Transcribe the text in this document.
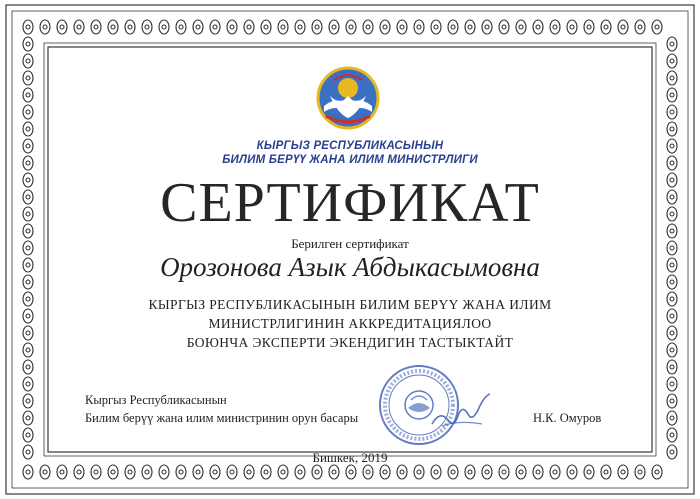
КЫРГЫЗ РЕСПУБЛИКАСЫНЫН
БИЛИМ БЕРҮҮ ЖАНА ИЛИМ МИНИСТРЛИГИ
СЕРТИФИКАТ
Берилген сертификат
Орозонова Азык Абдыкасымовна
КЫРГЫЗ РЕСПУБЛИКАСЫНЫН БИЛИМ БЕРҮҮ ЖАНА ИЛИМ
МИНИСТРЛИГИНИН АККРЕДИТАЦИЯЛОО
БОЮНЧА ЭКСПЕРТИ ЭКЕНДИГИН ТАСТЫКТАЙТ
Кыргыз Республикасынын
Билим берүү жана илим министринин орун басары	Н.К. Омуров
Бишкек, 2019
